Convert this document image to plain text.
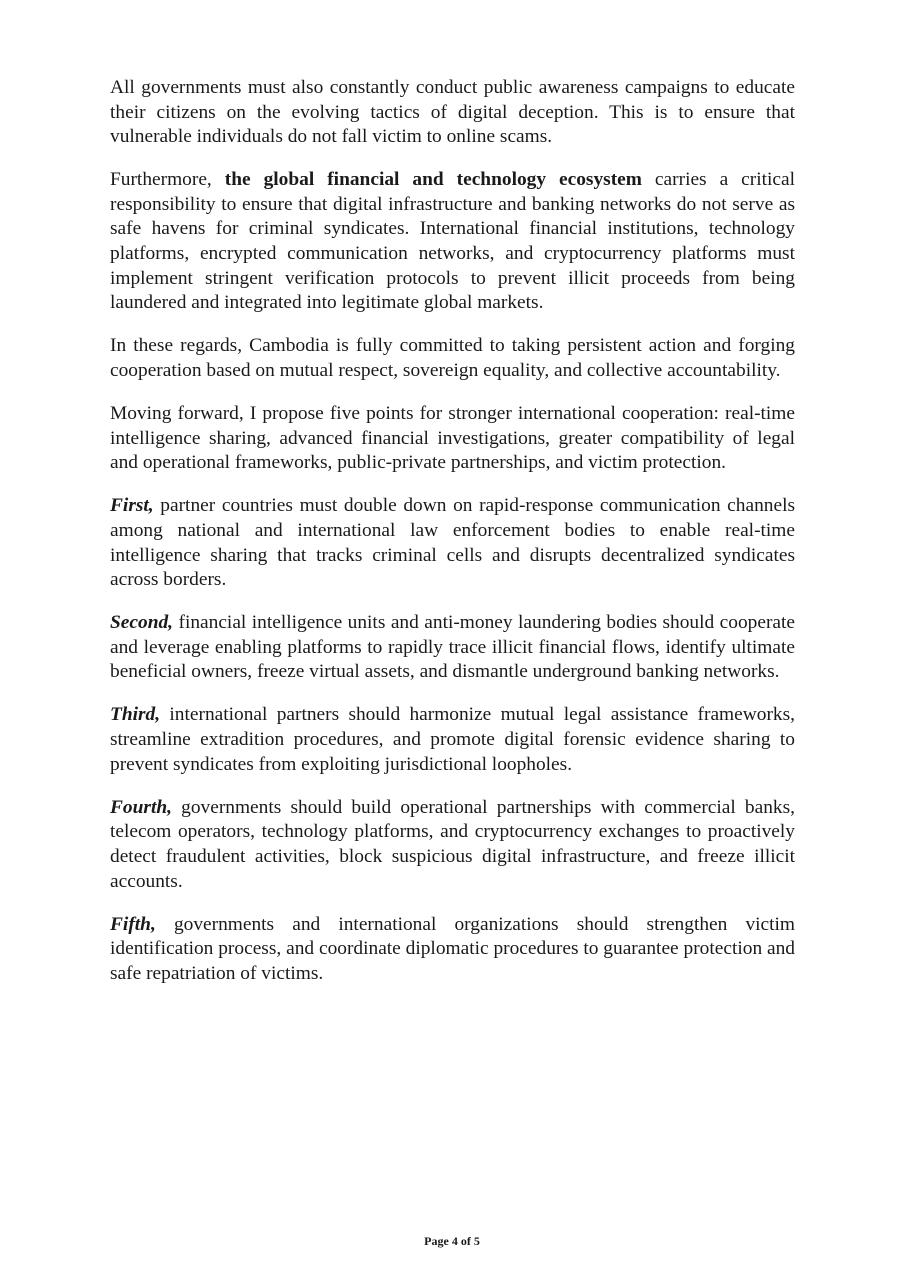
All governments must also constantly conduct public awareness campaigns to educate their citizens on the evolving tactics of digital deception. This is to ensure that vulnerable individuals do not fall victim to online scams.

Furthermore, the global financial and technology ecosystem carries a critical responsibility to ensure that digital infrastructure and banking networks do not serve as safe havens for criminal syndicates. International financial institutions, technology platforms, encrypted communication networks, and cryptocurrency platforms must implement stringent verification protocols to prevent illicit proceeds from being laundered and integrated into legitimate global markets.

In these regards, Cambodia is fully committed to taking persistent action and forging cooperation based on mutual respect, sovereign equality, and collective accountability.

Moving forward, I propose five points for stronger international cooperation: real-time intelligence sharing, advanced financial investigations, greater compatibility of legal and operational frameworks, public-private partnerships, and victim protection.

First, partner countries must double down on rapid-response communication channels among national and international law enforcement bodies to enable real-time intelligence sharing that tracks criminal cells and disrupts decentralized syndicates across borders.

Second, financial intelligence units and anti-money laundering bodies should cooperate and leverage enabling platforms to rapidly trace illicit financial flows, identify ultimate beneficial owners, freeze virtual assets, and dismantle underground banking networks.

Third, international partners should harmonize mutual legal assistance frameworks, streamline extradition procedures, and promote digital forensic evidence sharing to prevent syndicates from exploiting jurisdictional loopholes.

Fourth, governments should build operational partnerships with commercial banks, telecom operators, technology platforms, and cryptocurrency exchanges to proactively detect fraudulent activities, block suspicious digital infrastructure, and freeze illicit accounts.

Fifth, governments and international organizations should strengthen victim identification process, and coordinate diplomatic procedures to guarantee protection and safe repatriation of victims.

Page 4 of 5
